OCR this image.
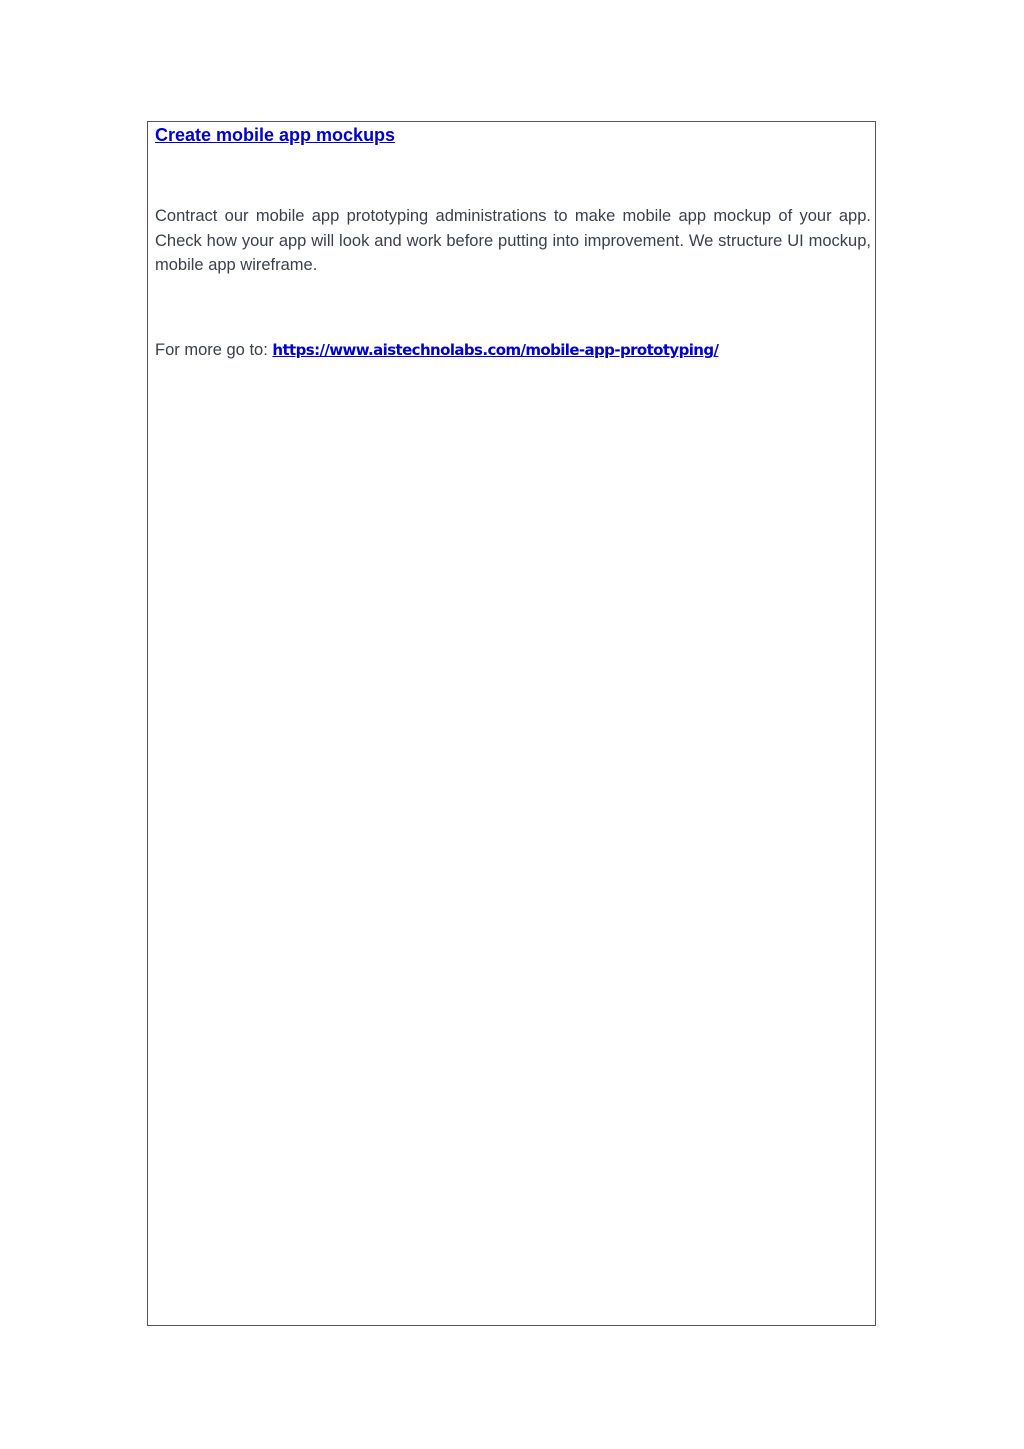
Create mobile app mockups

Contract our mobile app prototyping administrations to make mobile app mockup of your app. Check how your app will look and work before putting into improvement. We structure UI mockup, mobile app wireframe.

For more go to: https://www.aistechnolabs.com/mobile-app-prototyping/
